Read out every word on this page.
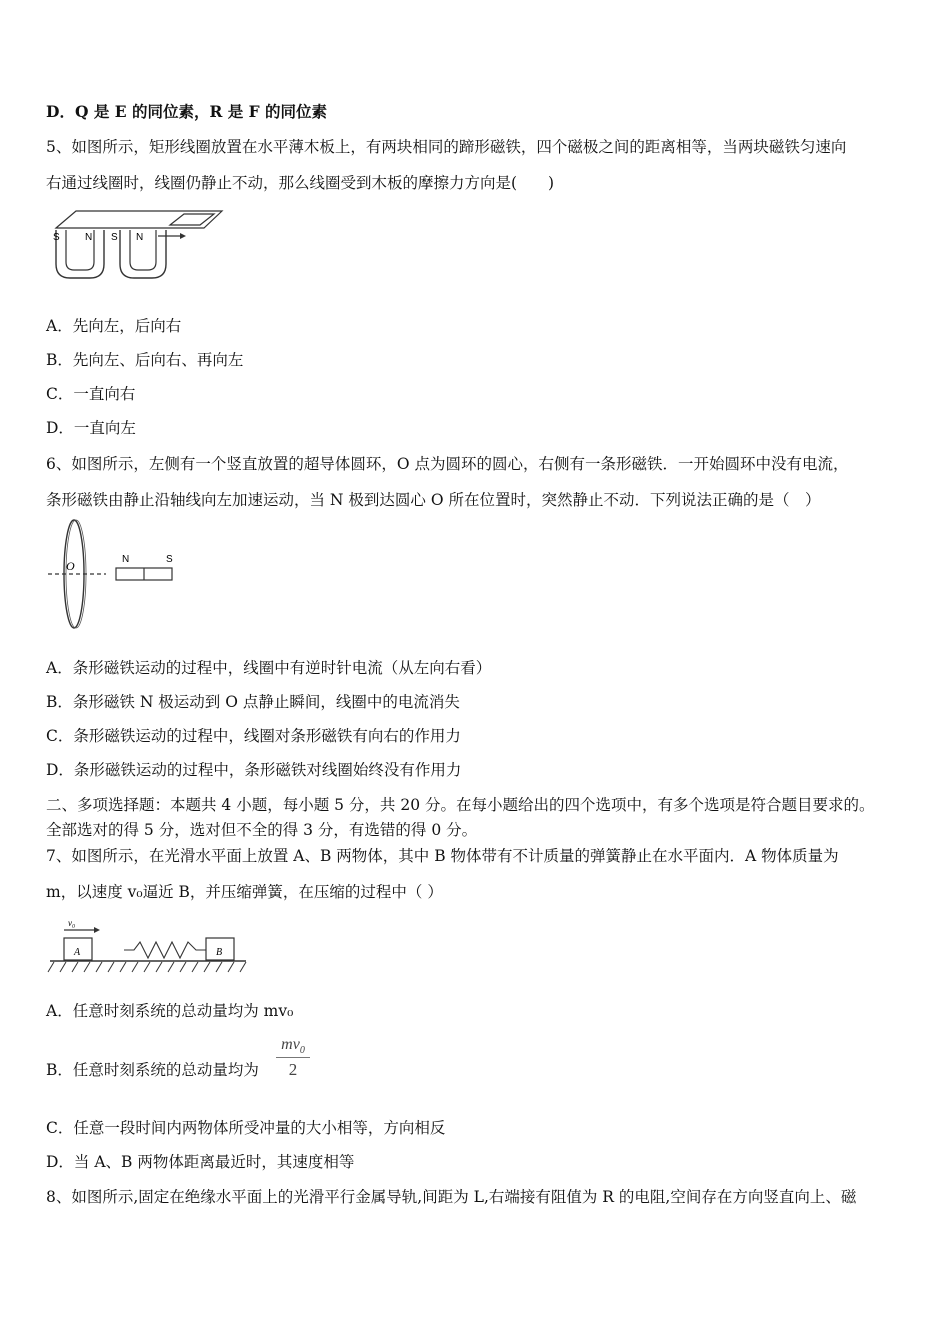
D．Q 是 E 的同位素，R 是 F 的同位素
5、如图所示，矩形线圈放置在水平薄木板上，有两块相同的蹄形磁铁，四个磁极之间的距离相等，当两块磁铁匀速向
右通过线圈时，线圈仍静止不动，那么线圈受到木板的摩擦力方向是(　　)
S	N S N
A．先向左，后向右
B．先向左、后向右、再向左
C．一直向右
D．一直向左
6、如图所示，左侧有一个竖直放置的超导体圆环，O 点为圆环的圆心，右侧有一条形磁铁．一开始圆环中没有电流，
条形磁铁由静止沿轴线向左加速运动，当 N 极到达圆心 O 所在位置时，突然静止不动．下列说法正确的是（　）
O	N	S
A．条形磁铁运动的过程中，线圈中有逆时针电流（从左向右看）
B．条形磁铁 N 极运动到 O 点静止瞬间，线圈中的电流消失
C．条形磁铁运动的过程中，线圈对条形磁铁有向右的作用力
D．条形磁铁运动的过程中，条形磁铁对线圈始终没有作用力
二、多项选择题：本题共 4 小题，每小题 5 分，共 20 分。在每小题给出的四个选项中，有多个选项是符合题目要求的。
全部选对的得 5 分，选对但不全的得 3 分，有选错的得 0 分。
7、如图所示，在光滑水平面上放置 A、B 两物体，其中 B 物体带有不计质量的弹簧静止在水平面内．A 物体质量为
m，以速度 v₀逼近 B，并压缩弹簧，在压缩的过程中（ ）
v₀
A	B
A．任意时刻系统的总动量均为 mv₀
B．任意时刻系统的总动量均为 $\frac{mv_0}{2}$
C．任意一段时间内两物体所受冲量的大小相等，方向相反
D．当 A、B 两物体距离最近时，其速度相等
8、如图所示,固定在绝缘水平面上的光滑平行金属导轨,间距为 L,右端接有阻值为 R 的电阻,空间存在方向竖直向上、磁
